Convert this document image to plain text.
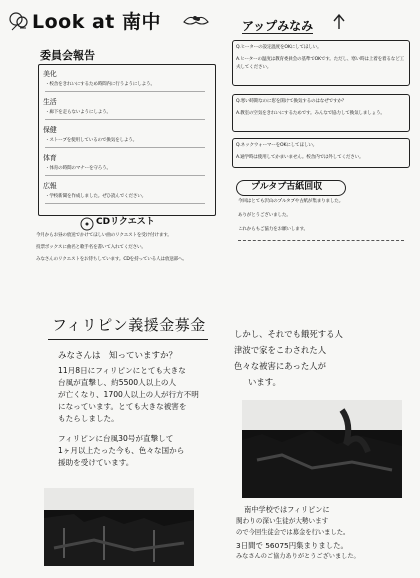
Look at 南中	アップみなみ
委員会報告
美化
・校舎をきれいにするため時間内に行うようにしよう。
生活
・廊下を走らないようにしよう。
保健
・ストーブを使用しているので換気をしよう。
体育
・体育の時間のマナーを守ろう。
広報
・学校新聞を作成しました。ぜひ読んでください。
CDリクエスト
今月からお昼の放送でかけてほしい曲のリクエストを受け付けます。
投票ボックスに曲名と歌手名を書いて入れてください。
みなさんのリクエストをお待ちしています。CDを持っている人は放送部へ。
Q.ヒーターの設定温度をOKにしてほしい。
A.ヒーターの温度は教育委員会の基準でOKです。ただし、寒い時は上着を着るなど工夫してください。
Q.寒い時期なのに窓を開けて換気するのはなぜですか？
A.教室の空気をきれいにするためです。みんなで協力して換気しましょう。
Q.ネックウォーマーをOKにしてほしい。
A.通学時は使用してかまいません。校舎内では外してください。
プルタブ古紙回収
今回はとても沢山のプルタブや古紙が集まりました。
ありがとうございました。
これからもご協力をお願いします。
フィリピン義援金募金
みなさんは　知っていますか？
11月8日にフィリピンにとても大きな
台風が直撃し、約5500人以上の人
が亡くなり、1700人以上の人が行方不明
になっています。とても大きな被害を
もたらしました。
フィリピンに台風30号が直撃して
1ヶ月以上たった今も、色々な国から
援助を受けています。
しかし、それでも餓死する人
津波で家をこわされた人
色々な被害にあった人が
います。
南中学校ではフィリピンに
関わりの深い生徒が大勢います
ので今回生徒会では募金を行いました。
3日間で 56075円集まりました。
みなさんのご協力ありがとうございました。
